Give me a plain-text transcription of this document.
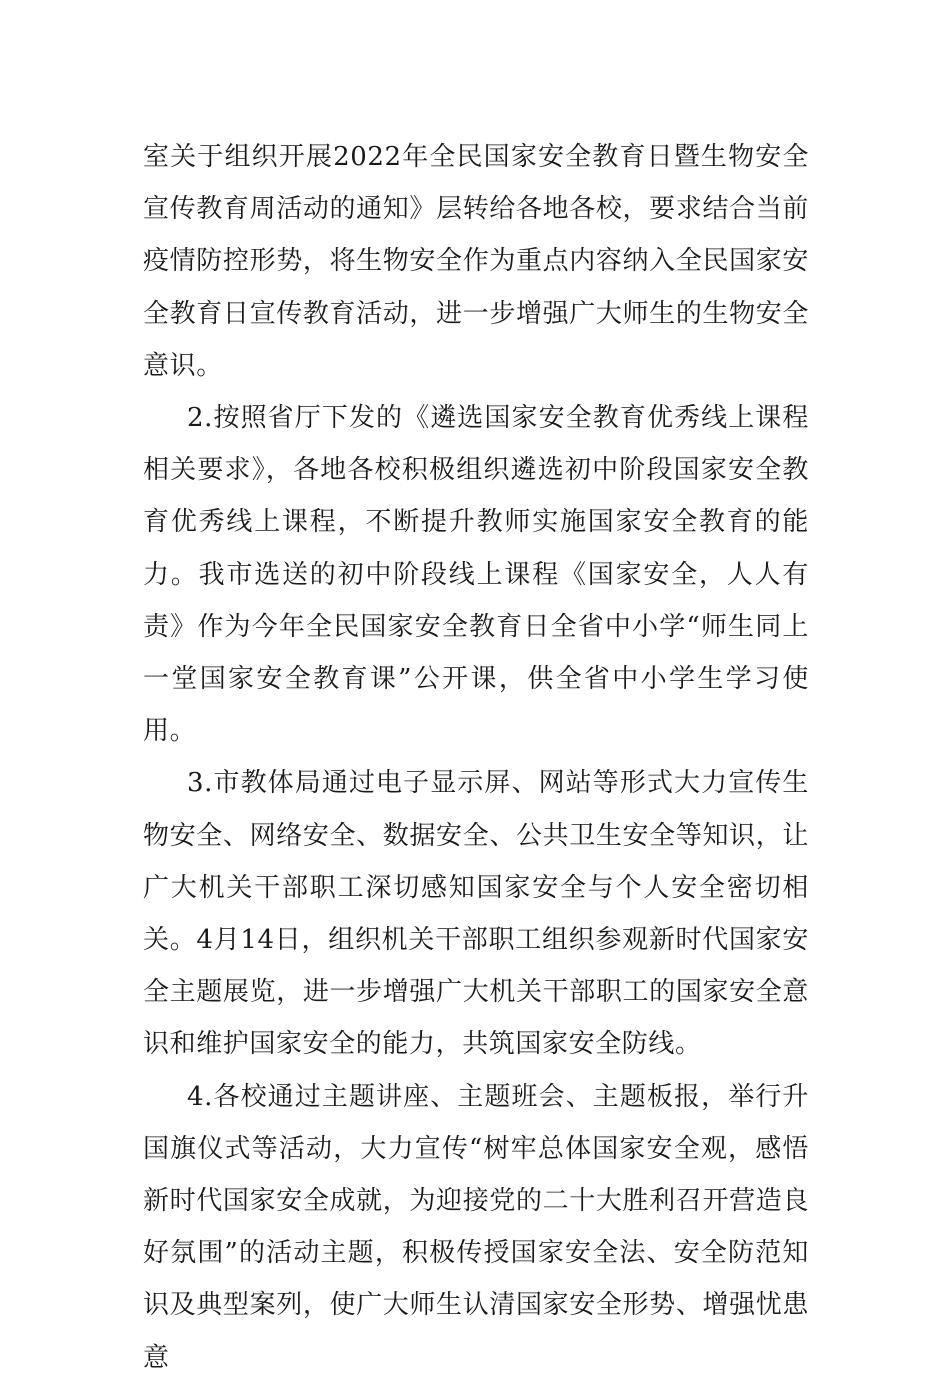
室关于组织开展2022年全民国家安全教育日暨生物安全宣传教育周活动的通知》层转给各地各校，要求结合当前疫情防控形势，将生物安全作为重点内容纳入全民国家安全教育日宣传教育活动，进一步增强广大师生的生物安全意识。

2.按照省厅下发的《遴选国家安全教育优秀线上课程相关要求》，各地各校积极组织遴选初中阶段国家安全教育优秀线上课程，不断提升教师实施国家安全教育的能力。我市选送的初中阶段线上课程《国家安全，人人有责》作为今年全民国家安全教育日全省中小学“师生同上一堂国家安全教育课”公开课，供全省中小学生学习使用。

3.市教体局通过电子显示屏、网站等形式大力宣传生物安全、网络安全、数据安全、公共卫生安全等知识，让广大机关干部职工深切感知国家安全与个人安全密切相关。4月14日，组织机关干部职工组织参观新时代国家安全主题展览，进一步增强广大机关干部职工的国家安全意识和维护国家安全的能力，共筑国家安全防线。

4.各校通过主题讲座、主题班会、主题板报，举行升国旗仪式等活动，大力宣传“树牢总体国家安全观，感悟新时代国家安全成就，为迎接党的二十大胜利召开营造良好氛围”的活动主题，积极传授国家安全法、安全防范知识及典型案列，使广大师生认清国家安全形势、增强忧患意
